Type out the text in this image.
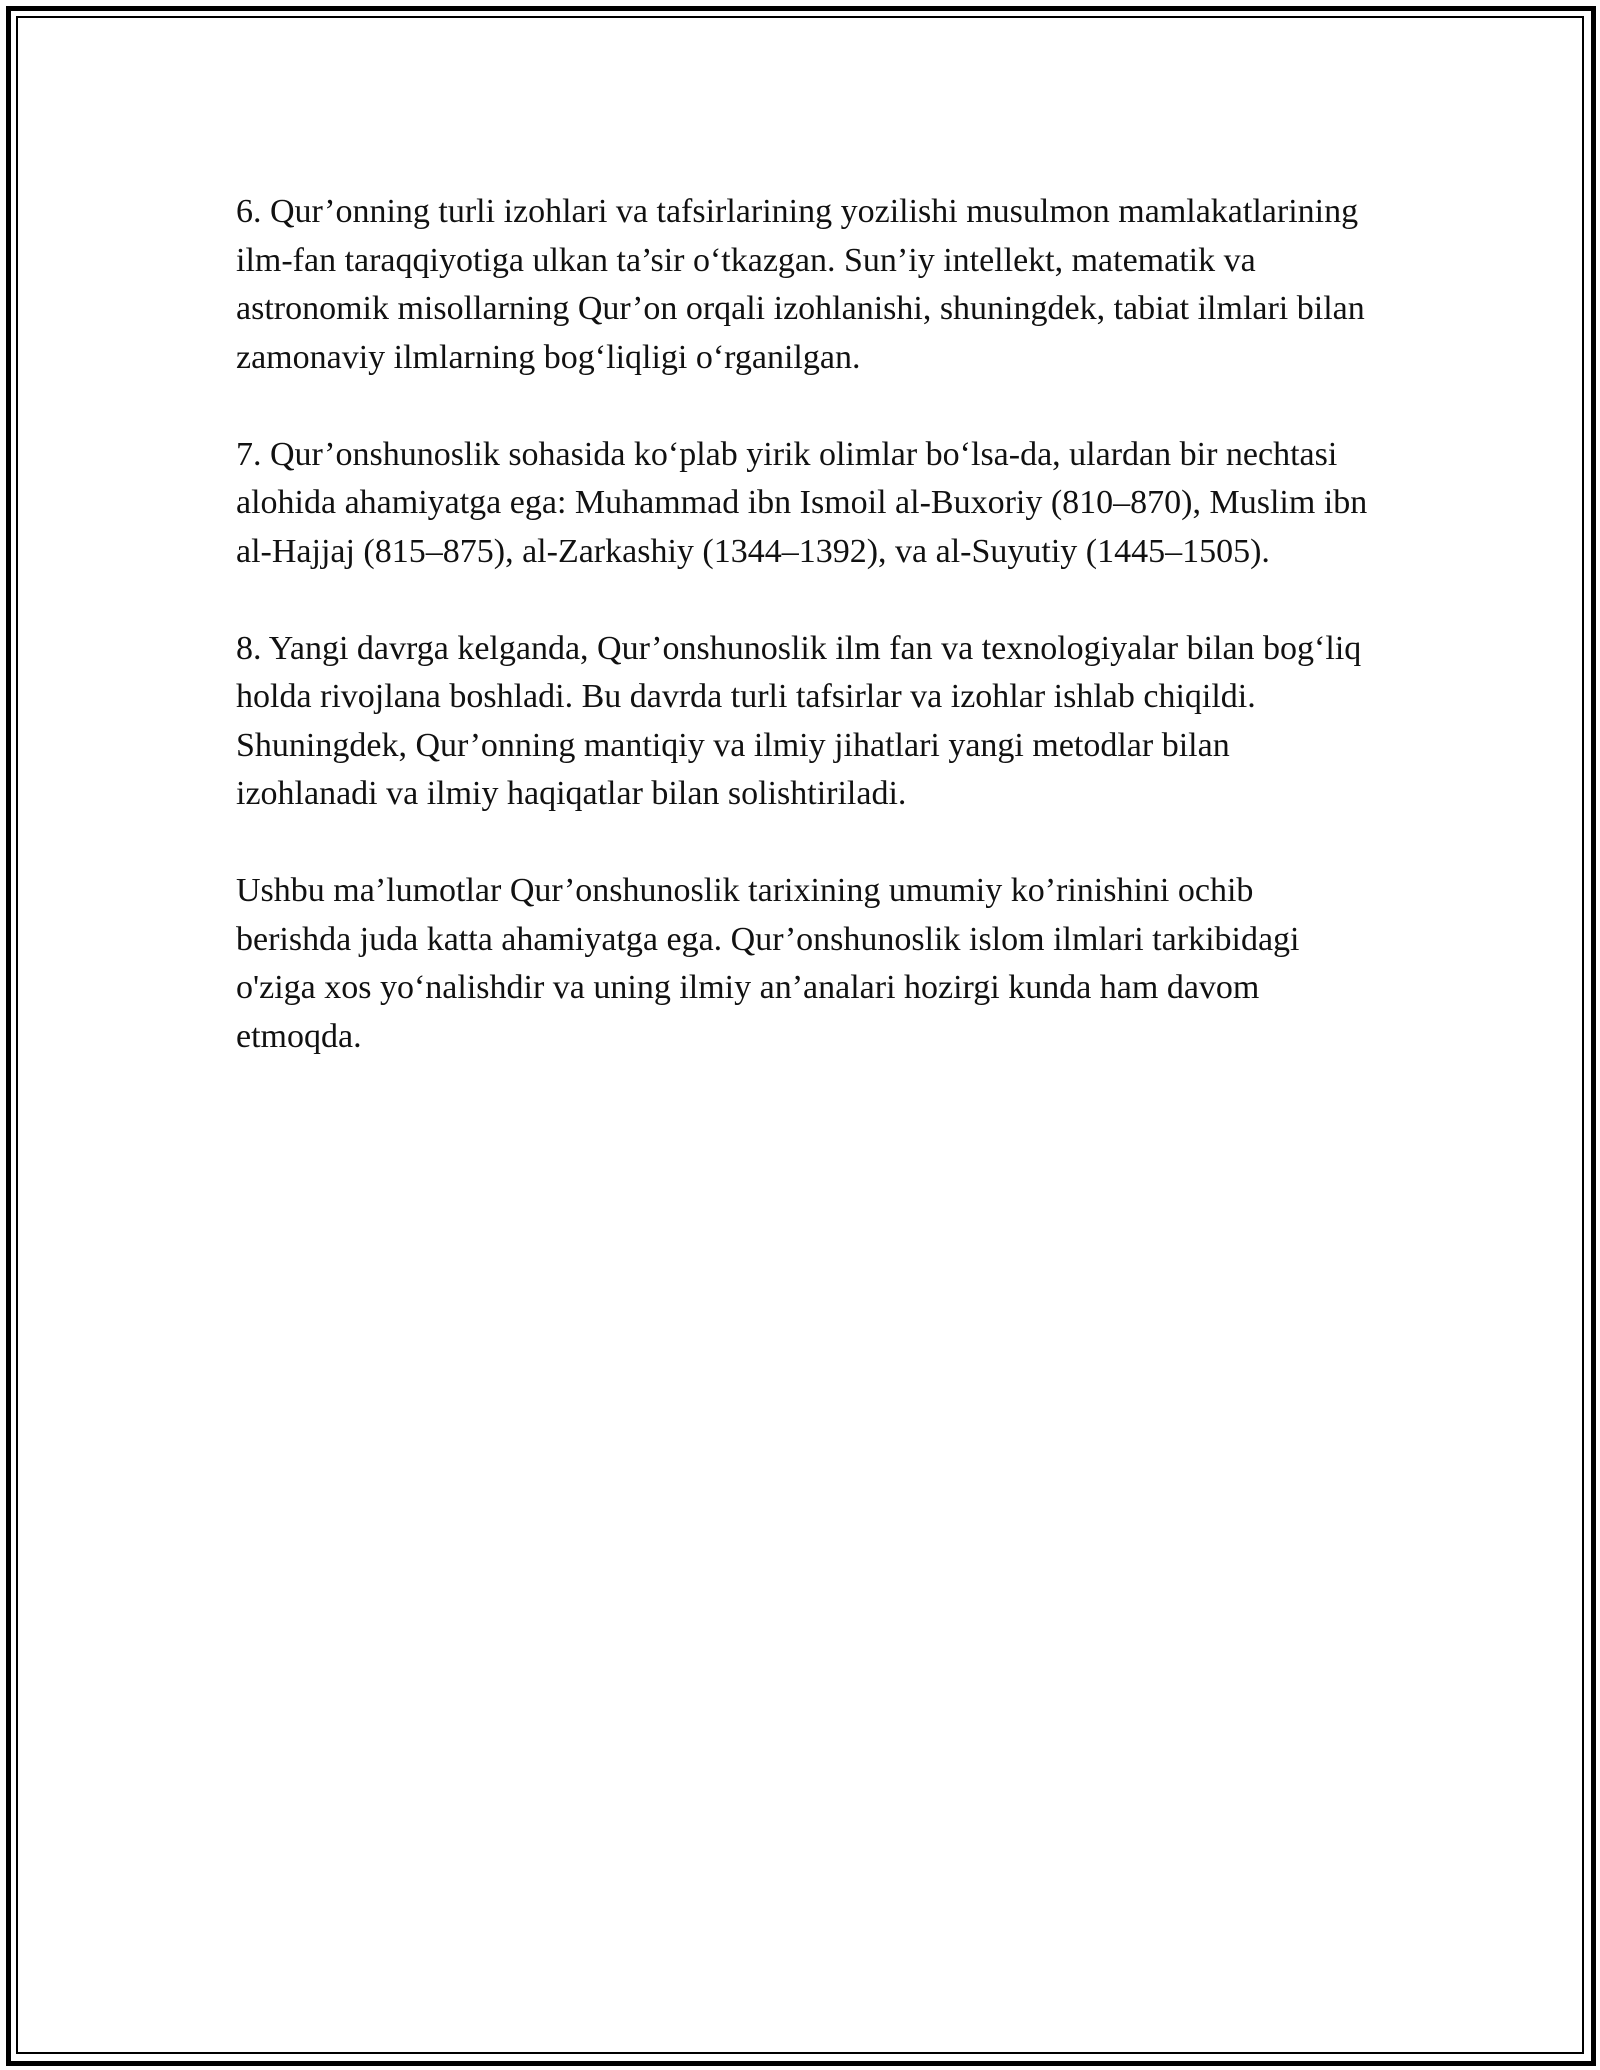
6. Qur’onning turli izohlari va tafsirlarining yozilishi musulmon mamlakatlarining ilm-fan taraqqiyotiga ulkan ta’sir o‘tkazgan. Sun’iy intellekt, matematik va astronomik misollarning Qur’on orqali izohlanishi, shuningdek, tabiat ilmlari bilan zamonaviy ilmlarning bog‘liqligi o‘rganilgan.

7. Qur’onshunoslik sohasida ko‘plab yirik olimlar bo‘lsa-da, ulardan bir nechtasi alohida ahamiyatga ega: Muhammad ibn Ismoil al-Buxoriy (810–870), Muslim ibn al-Hajjaj (815–875), al-Zarkashiy (1344–1392), va al-Suyutiy (1445–1505).

8. Yangi davrga kelganda, Qur’onshunoslik ilm fan va texnologiyalar bilan bog‘liq holda rivojlana boshladi. Bu davrda turli tafsirlar va izohlar ishlab chiqildi. Shuningdek, Qur’onning mantiqiy va ilmiy jihatlari yangi metodlar bilan izohlanadi va ilmiy haqiqatlar bilan solishtiriladi.

Ushbu ma’lumotlar Qur’onshunoslik tarixining umumiy ko’rinishini ochib berishda juda katta ahamiyatga ega. Qur’onshunoslik islom ilmlari tarkibidagi o'ziga xos yo‘nalishdir va uning ilmiy an’analari hozirgi kunda ham davom etmoqda.
